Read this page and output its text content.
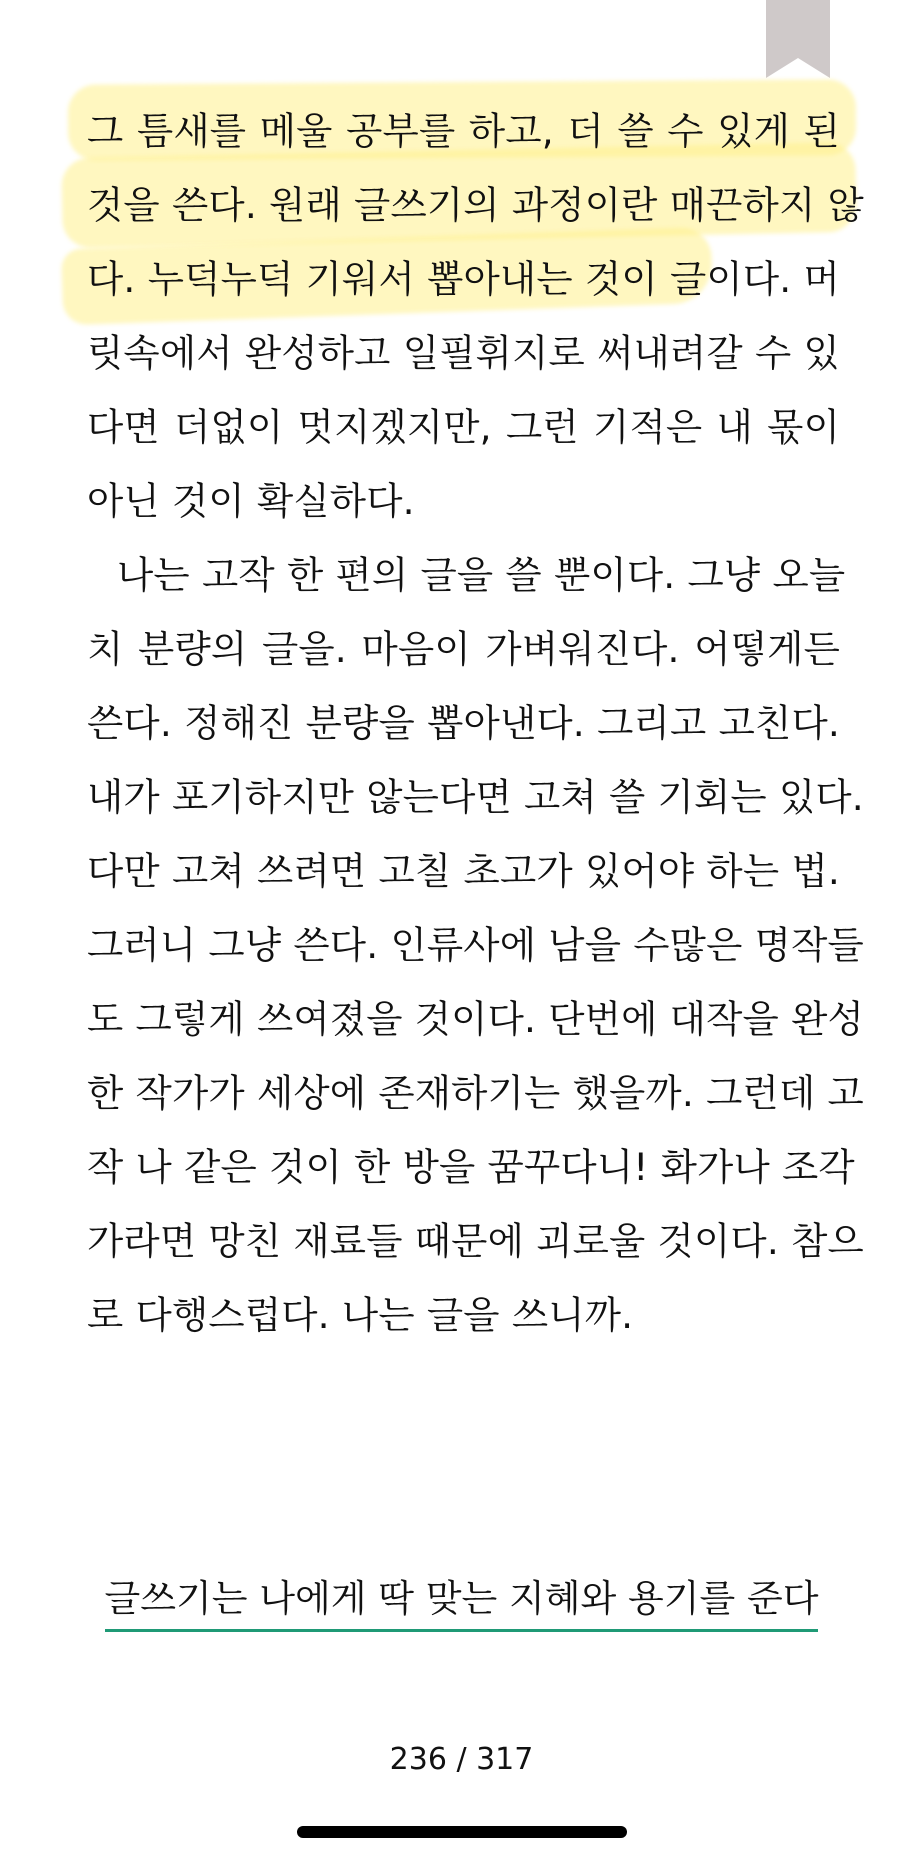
그 틈새를 메울 공부를 하고, 더 쓸 수 있게 된
것을 쓴다. 원래 글쓰기의 과정이란 매끈하지 않
다. 누덕누덕 기워서 뽑아내는 것이 글이다. 머
릿속에서 완성하고 일필휘지로 써내려갈 수 있
다면 더없이 멋지겠지만, 그런 기적은 내 몫이
아닌 것이 확실하다.
나는 고작 한 편의 글을 쓸 뿐이다. 그냥 오늘
치 분량의 글을. 마음이 가벼워진다. 어떻게든
쓴다. 정해진 분량을 뽑아낸다. 그리고 고친다.
내가 포기하지만 않는다면 고쳐 쓸 기회는 있다.
다만 고쳐 쓰려면 고칠 초고가 있어야 하는 법.
그러니 그냥 쓴다. 인류사에 남을 수많은 명작들
도 그렇게 쓰여졌을 것이다. 단번에 대작을 완성
한 작가가 세상에 존재하기는 했을까. 그런데 고
작 나 같은 것이 한 방을 꿈꾸다니! 화가나 조각
가라면 망친 재료들 때문에 괴로울 것이다. 참으
로 다행스럽다. 나는 글을 쓰니까.
글쓰기는 나에게 딱 맞는 지혜와 용기를 준다
236 / 317
